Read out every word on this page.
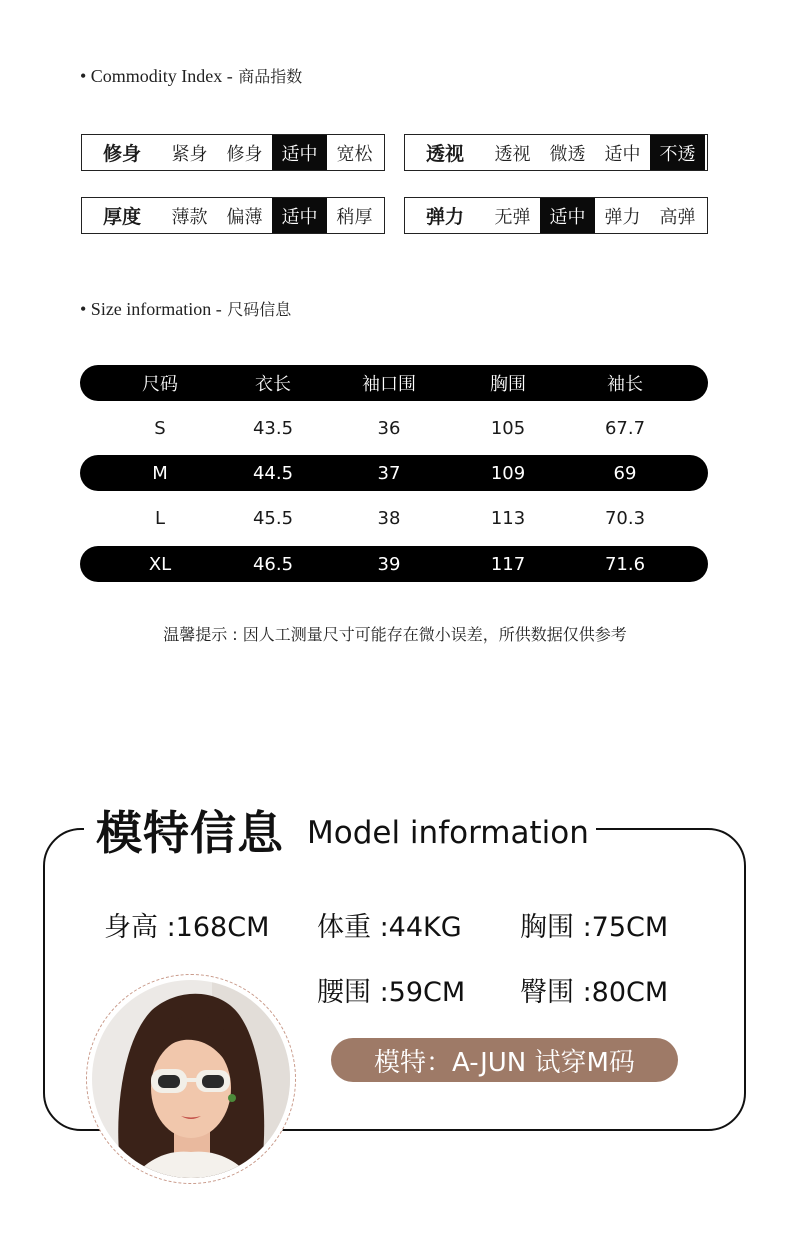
• Commodity Index - 商品指数
修身	紧身	修身	适中	宽松	透视	透视	微透	适中	不透
厚度	薄款	偏薄	适中	稍厚	弹力	无弹	适中	弹力	高弹
• Size information - 尺码信息
尺码	衣长	袖口围	胸围	袖长
S	43.5	36	105	67.7
M	44.5	37	109	69
L	45.5	38	113	70.3
XL	46.5	39	117	71.6
温馨提示 : 因人工测量尺寸可能存在微小误差，所供数据仅供参考
模特信息 Model information
身高 :168CM 体重 :44KG 胸围 :75CM
腰围 :59CM 臀围 :80CM
模特：A-JUN 试穿M码
